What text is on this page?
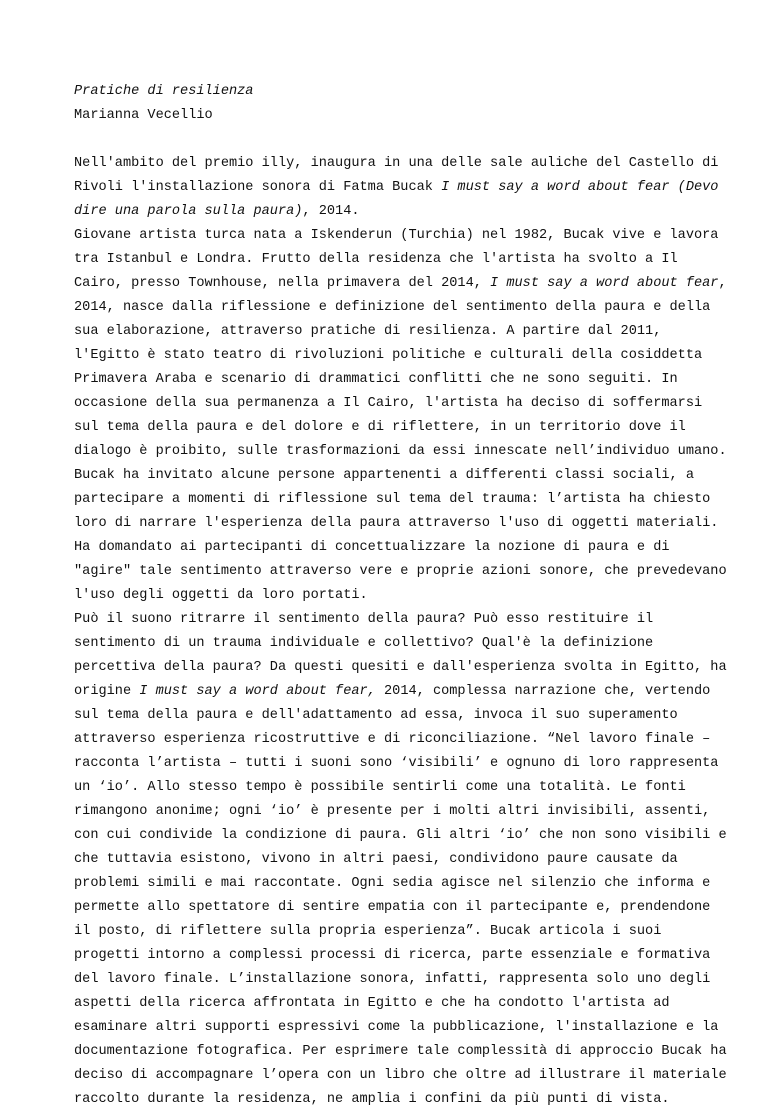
Pratiche di resilienza
Marianna Vecellio
Nell'ambito del premio illy, inaugura in una delle sale auliche del Castello di
Rivoli l'installazione sonora di Fatma Bucak I must say a word about fear (Devo
dire una parola sulla paura), 2014.
Giovane artista turca nata a Iskenderun (Turchia) nel 1982, Bucak vive e lavora
tra Istanbul e Londra. Frutto della residenza che l'artista ha svolto a Il
Cairo, presso Townhouse, nella primavera del 2014, I must say a word about fear,
2014, nasce dalla riflessione e definizione del sentimento della paura e della
sua elaborazione, attraverso pratiche di resilienza. A partire dal 2011,
l'Egitto è stato teatro di rivoluzioni politiche e culturali della cosiddetta
Primavera Araba e scenario di drammatici conflitti che ne sono seguiti. In
occasione della sua permanenza a Il Cairo, l'artista ha deciso di soffermarsi
sul tema della paura e del dolore e di riflettere, in un territorio dove il
dialogo è proibito, sulle trasformazioni da essi innescate nell’individuo umano.
Bucak ha invitato alcune persone appartenenti a differenti classi sociali, a
partecipare a momenti di riflessione sul tema del trauma: l’artista ha chiesto
loro di narrare l'esperienza della paura attraverso l'uso di oggetti materiali.
Ha domandato ai partecipanti di concettualizzare la nozione di paura e di
"agire" tale sentimento attraverso vere e proprie azioni sonore, che prevedevano
l'uso degli oggetti da loro portati.
Può il suono ritrarre il sentimento della paura? Può esso restituire il
sentimento di un trauma individuale e collettivo? Qual'è la definizione
percettiva della paura? Da questi quesiti e dall'esperienza svolta in Egitto, ha
origine I must say a word about fear, 2014, complessa narrazione che, vertendo
sul tema della paura e dell'adattamento ad essa, invoca il suo superamento
attraverso esperienza ricostruttive e di riconciliazione. “Nel lavoro finale –
racconta l’artista – tutti i suoni sono ‘visibili’ e ognuno di loro rappresenta
un ‘io’. Allo stesso tempo è possibile sentirli come una totalità. Le fonti
rimangono anonime; ogni ‘io’ è presente per i molti altri invisibili, assenti,
con cui condivide la condizione di paura. Gli altri ‘io’ che non sono visibili e
che tuttavia esistono, vivono in altri paesi, condividono paure causate da
problemi simili e mai raccontate. Ogni sedia agisce nel silenzio che informa e
permette allo spettatore di sentire empatia con il partecipante e, prendendone
il posto, di riflettere sulla propria esperienza”. Bucak articola i suoi
progetti intorno a complessi processi di ricerca, parte essenziale e formativa
del lavoro finale. L’installazione sonora, infatti, rappresenta solo uno degli
aspetti della ricerca affrontata in Egitto e che ha condotto l'artista ad
esaminare altri supporti espressivi come la pubblicazione, l'installazione e la
documentazione fotografica. Per esprimere tale complessità di approccio Bucak ha
deciso di accompagnare l’opera con un libro che oltre ad illustrare il materiale
raccolto durante la residenza, ne amplia i confini da più punti di vista.
